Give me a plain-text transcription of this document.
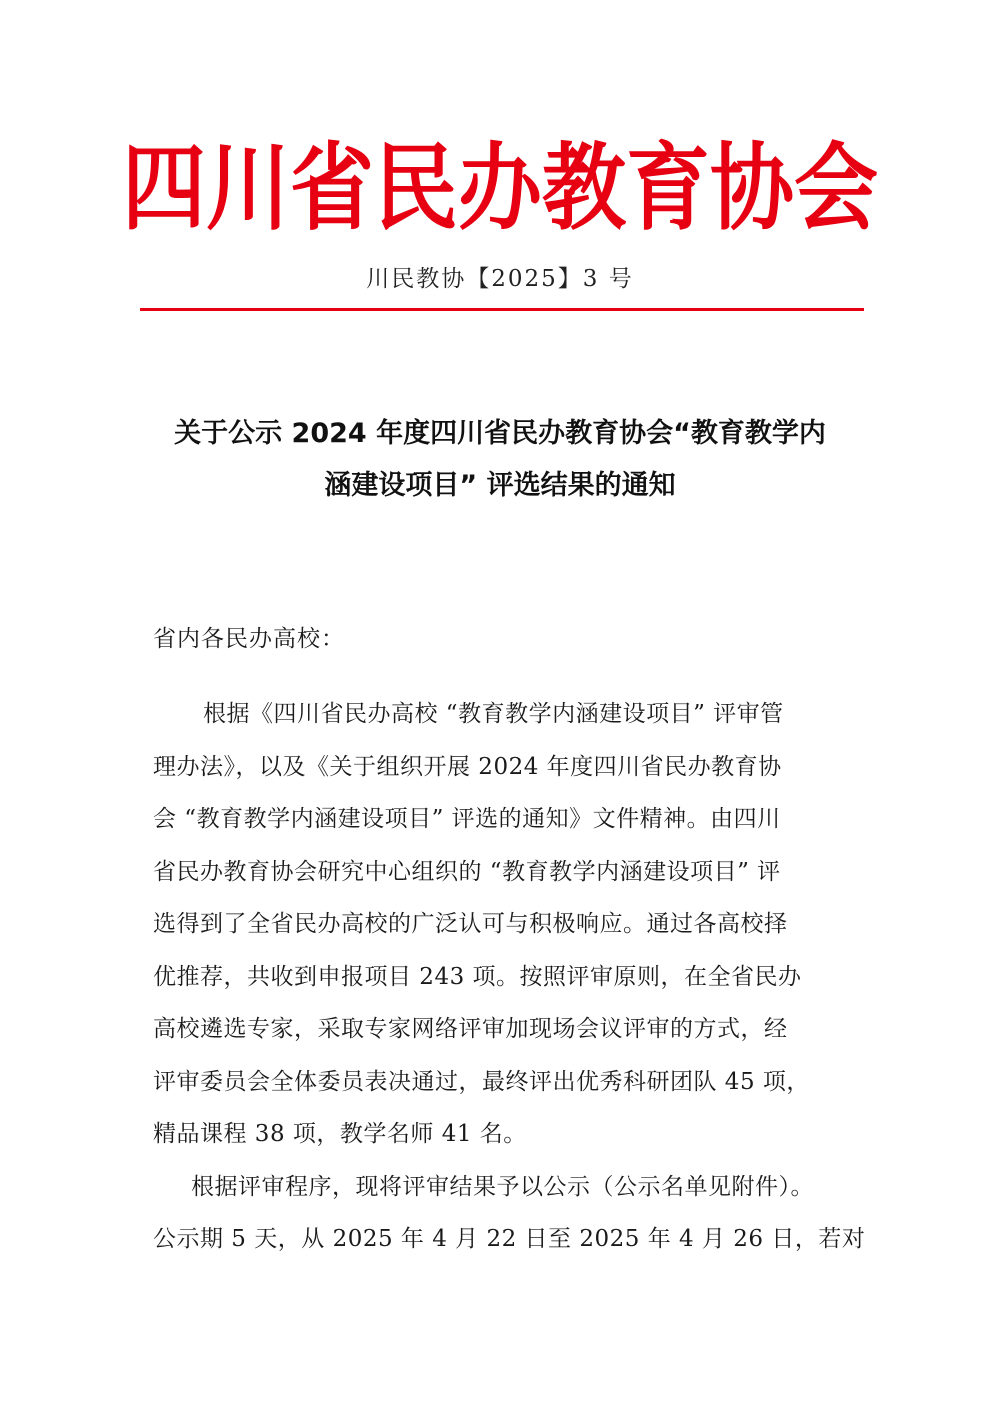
四川省民办教育协会
川民教协【2025】3 号
关于公示 2024 年度四川省民办教育协会“教育教学内
涵建设项目” 评选结果的通知
省内各民办高校：
根据《四川省民办高校 “教育教学内涵建设项目” 评审管
理办法》，以及《关于组织开展 2024 年度四川省民办教育协
会 “教育教学内涵建设项目” 评选的通知》文件精神。由四川
省民办教育协会研究中心组织的 “教育教学内涵建设项目” 评
选得到了全省民办高校的广泛认可与积极响应。通过各高校择
优推荐，共收到申报项目 243 项。按照评审原则，在全省民办
高校遴选专家，采取专家网络评审加现场会议评审的方式，经
评审委员会全体委员表决通过，最终评出优秀科研团队 45 项，
精品课程 38 项，教学名师 41 名。
根据评审程序，现将评审结果予以公示（公示名单见附件）。
公示期 5 天，从 2025 年 4 月 22 日至 2025 年 4 月 26 日，若对
